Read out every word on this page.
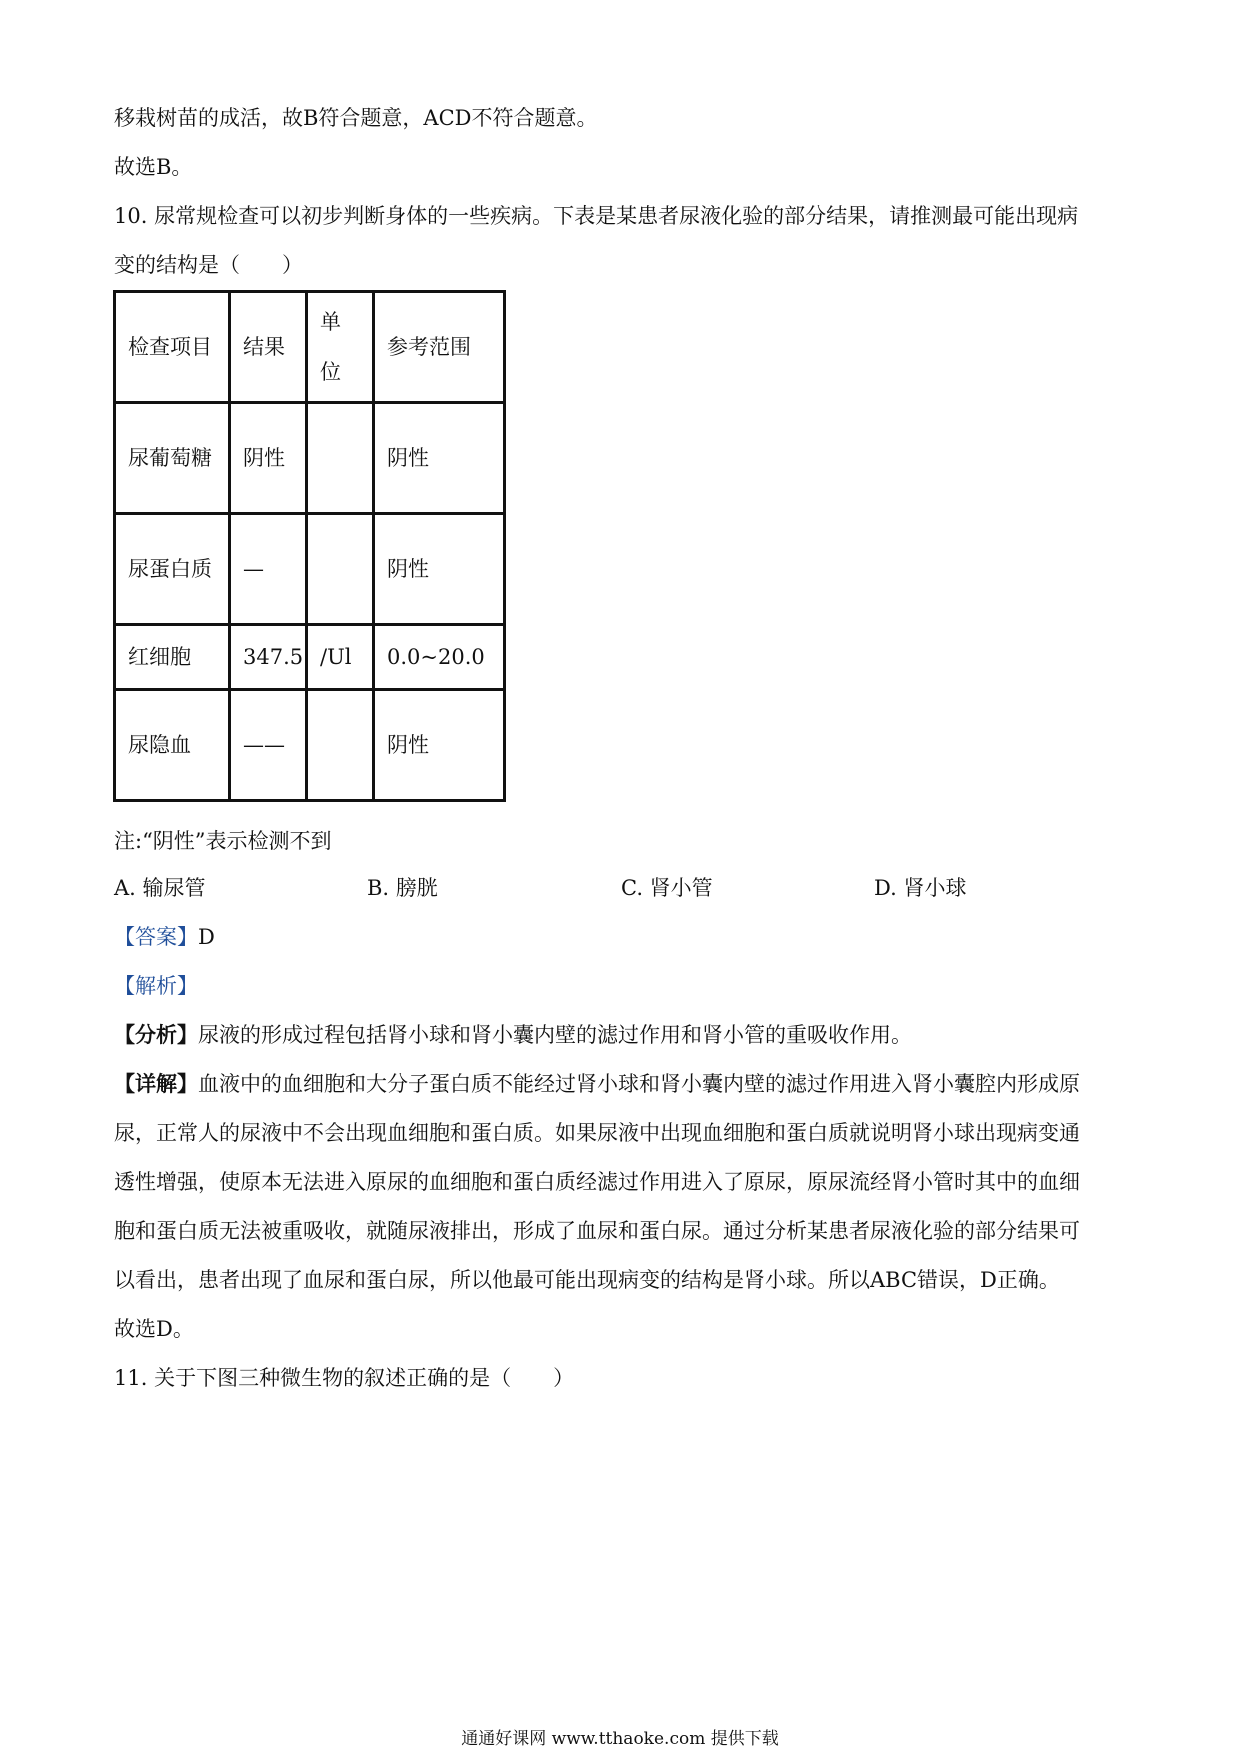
移栽树苗的成活，故B符合题意，ACD不符合题意。
故选B。
10. 尿常规检查可以初步判断身体的一些疾病。下表是某患者尿液化验的部分结果，请推测最可能出现病
变的结构是（　　）
检查项目	结果	单位	参考范围
尿葡萄糖	阴性		阴性
尿蛋白质	—		阴性
红细胞	347.5	/Ul	0.0~20.0
尿隐血	——		阴性
注:“阴性”表示检测不到
A. 输尿管	B. 膀胱	C. 肾小管	D. 肾小球
【答案】D
【解析】
【分析】尿液的形成过程包括肾小球和肾小囊内壁的滤过作用和肾小管的重吸收作用。
【详解】血液中的血细胞和大分子蛋白质不能经过肾小球和肾小囊内壁的滤过作用进入肾小囊腔内形成原
尿，正常人的尿液中不会出现血细胞和蛋白质。如果尿液中出现血细胞和蛋白质就说明肾小球出现病变通
透性增强，使原本无法进入原尿的血细胞和蛋白质经滤过作用进入了原尿，原尿流经肾小管时其中的血细
胞和蛋白质无法被重吸收，就随尿液排出，形成了血尿和蛋白尿。通过分析某患者尿液化验的部分结果可
以看出，患者出现了血尿和蛋白尿，所以他最可能出现病变的结构是肾小球。所以ABC错误，D正确。
故选D。
11. 关于下图三种微生物的叙述正确的是（　　）
通通好课网 www.tthaoke.com 提供下载
